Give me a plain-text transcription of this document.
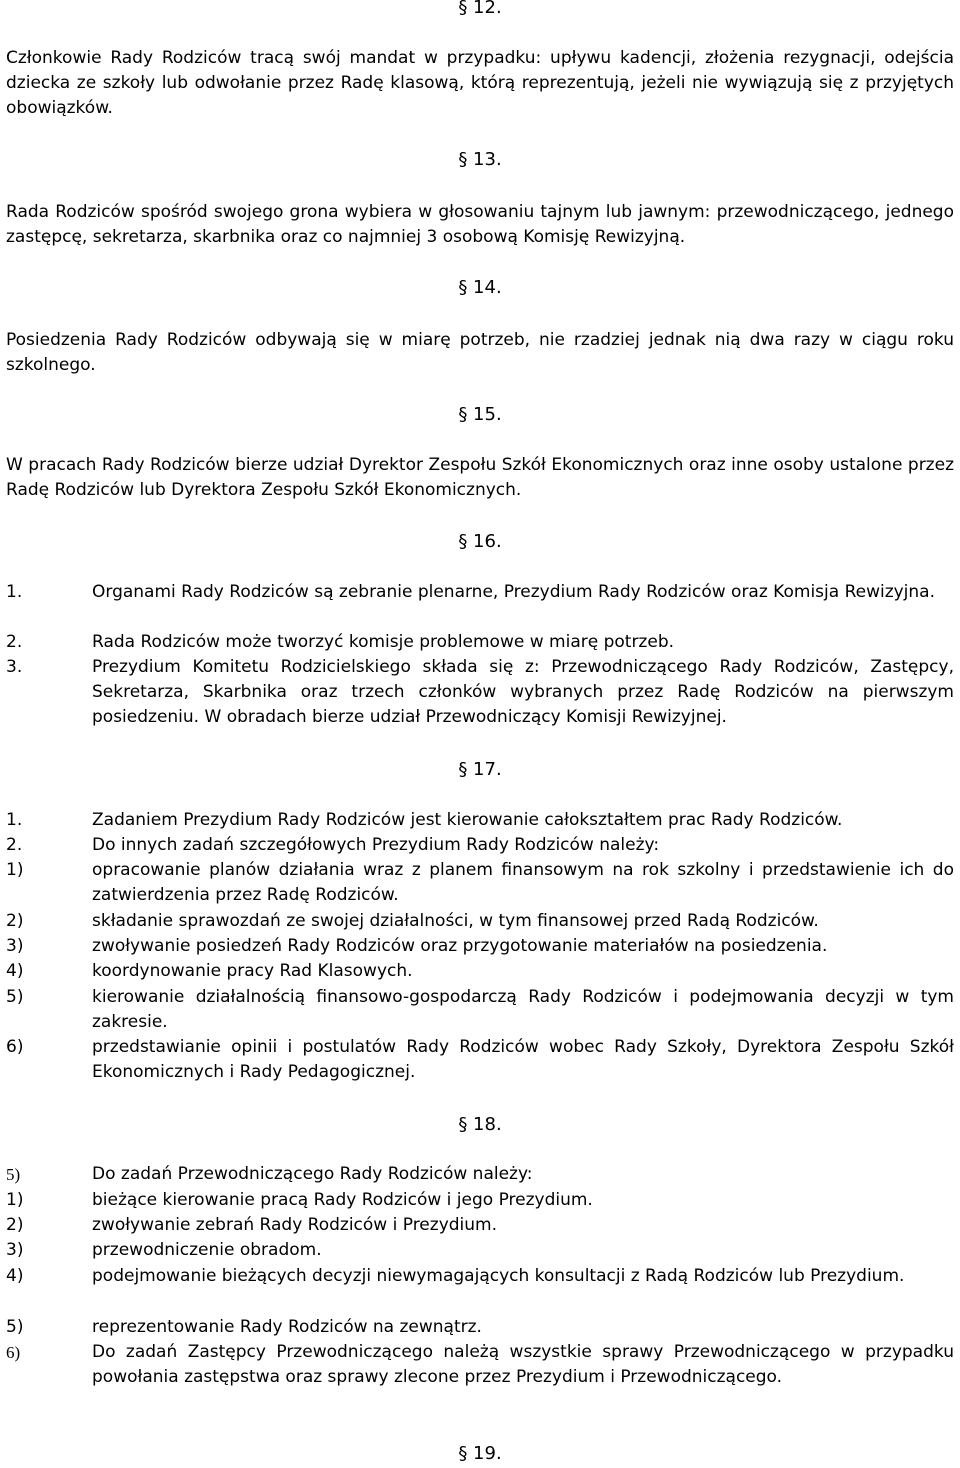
§ 12.
Członkowie Rady Rodziców tracą swój mandat w przypadku: upływu kadencji, złożenia rezygnacji, odejścia dziecka ze szkoły lub odwołanie przez Radę klasową, którą reprezentują, jeżeli nie wywiązują się z przyjętych obowiązków.
§ 13.
Rada Rodziców spośród swojego grona wybiera w głosowaniu tajnym lub jawnym: przewodniczącego, jednego zastępcę, sekretarza, skarbnika oraz co najmniej 3 osobową Komisję Rewizyjną.
§ 14.
Posiedzenia Rady Rodziców odbywają się w miarę potrzeb, nie rzadziej jednak nią dwa razy w ciągu roku szkolnego.
§ 15.
W pracach Rady Rodziców bierze udział Dyrektor Zespołu Szkół Ekonomicznych oraz inne osoby ustalone przez Radę Rodziców lub Dyrektora Zespołu Szkół Ekonomicznych.
§ 16.
1.	Organami Rady Rodziców są zebranie plenarne, Prezydium Rady Rodziców oraz Komisja Rewizyjna.
2.	Rada Rodziców może tworzyć komisje problemowe w miarę potrzeb.
3.	Prezydium Komitetu Rodzicielskiego składa się z: Przewodniczącego Rady Rodziców, Zastępcy, Sekretarza, Skarbnika oraz trzech członków wybranych przez Radę Rodziców na pierwszym posiedzeniu. W obradach bierze udział Przewodniczący Komisji Rewizyjnej.
§ 17.
1.	Zadaniem Prezydium Rady Rodziców jest kierowanie całokształtem prac Rady Rodziców.
2.	Do innych zadań szczegółowych Prezydium Rady Rodziców należy:
1)	opracowanie planów działania wraz z planem finansowym na rok szkolny i przedstawienie ich do zatwierdzenia przez Radę Rodziców.
2)	składanie sprawozdań ze swojej działalności, w tym finansowej przed Radą Rodziców.
3)	zwoływanie posiedzeń Rady Rodziców oraz przygotowanie materiałów na posiedzenia.
4)	koordynowanie pracy Rad Klasowych.
5)	kierowanie działalnością finansowo-gospodarczą Rady Rodziców i podejmowania decyzji w tym zakresie.
6)	przedstawianie opinii i postulatów Rady Rodziców wobec Rady Szkoły, Dyrektora Zespołu Szkół Ekonomicznych i Rady Pedagogicznej.
§ 18.
5)	Do zadań Przewodniczącego Rady Rodziców należy:
1)	bieżące kierowanie pracą Rady Rodziców i jego Prezydium.
2)	zwoływanie zebrań Rady Rodziców i Prezydium.
3)	przewodniczenie obradom.
4)	podejmowanie bieżących decyzji niewymagających konsultacji z Radą Rodziców lub Prezydium.
5)	reprezentowanie Rady Rodziców na zewnątrz.
6)	Do zadań Zastępcy Przewodniczącego należą wszystkie sprawy Przewodniczącego w przypadku powołania zastępstwa oraz sprawy zlecone przez Prezydium i Przewodniczącego.
§ 19.
